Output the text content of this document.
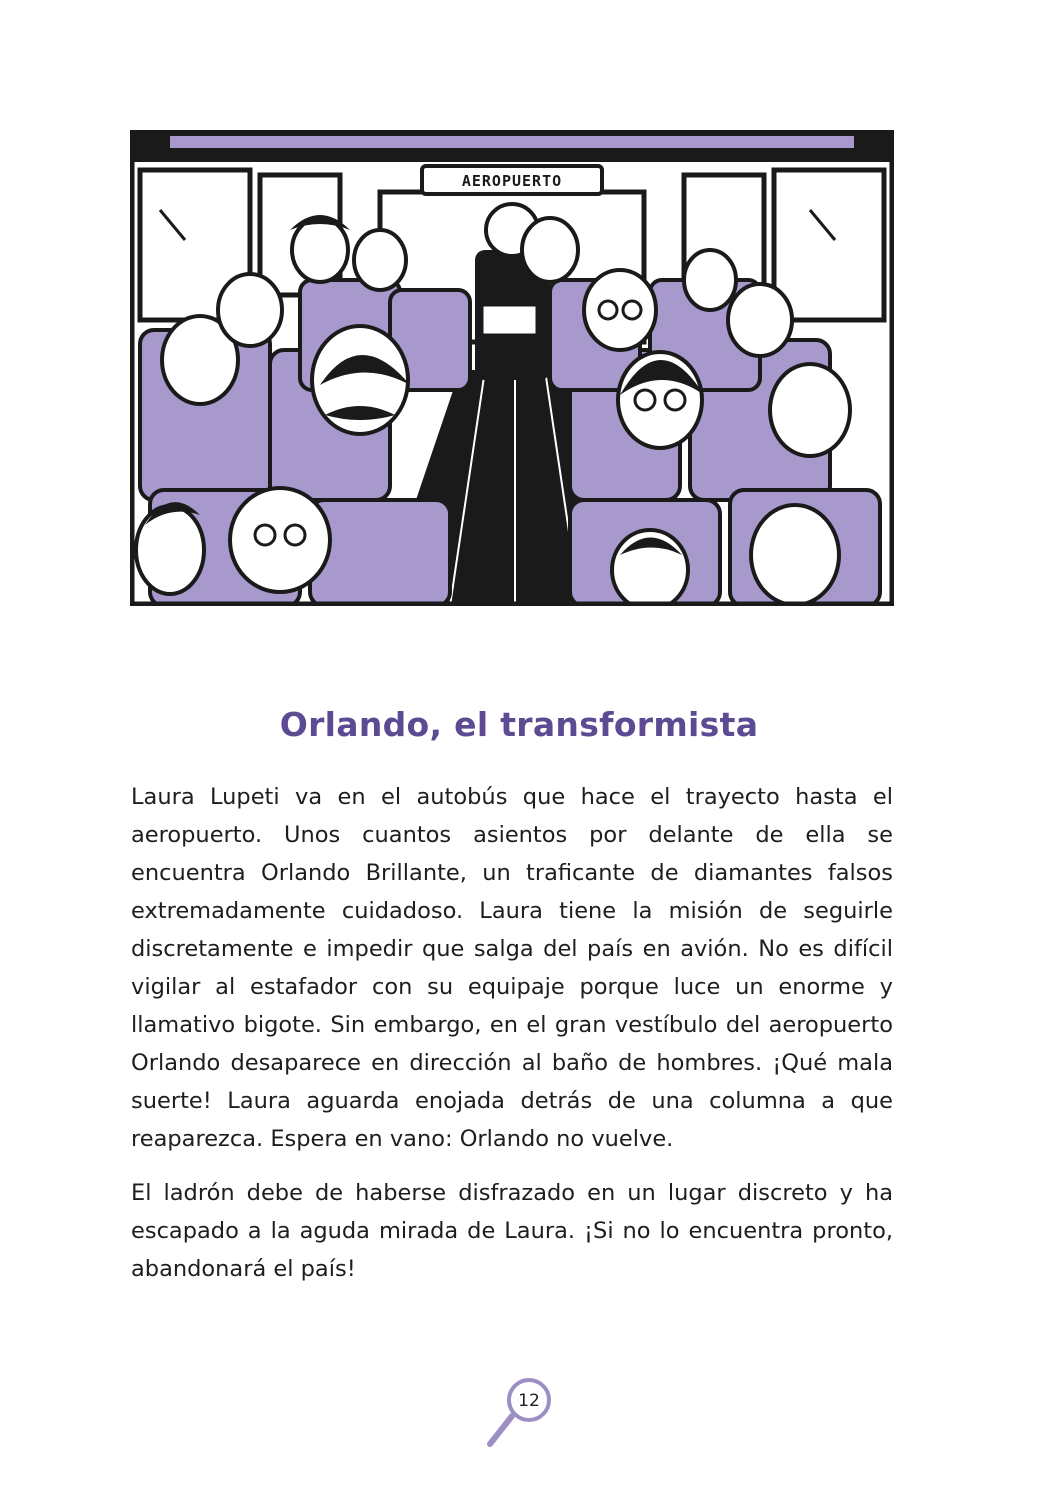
AEROPUERTO
Orlando, el transformista

Laura Lupeti va en el autobús que hace el trayecto hasta el aeropuerto. Unos cuantos asientos por delante de ella se encuentra Orlando Brillante, un traficante de diamantes falsos extremadamente cuidadoso. Laura tiene la misión de seguirle discretamente e impedir que salga del país en avión. No es difícil vigilar al estafador con su equipaje porque luce un enorme y llamativo bigote. Sin embargo, en el gran vestíbulo del aeropuerto Orlando desaparece en dirección al baño de hombres. ¡Qué mala suerte! Laura aguarda enojada detrás de una columna a que reaparezca. Espera en vano: Orlando no vuelve.

El ladrón debe de haberse disfrazado en un lugar discreto y ha escapado a la aguda mirada de Laura. ¡Si no lo encuentra pronto, abandonará el país!

12
